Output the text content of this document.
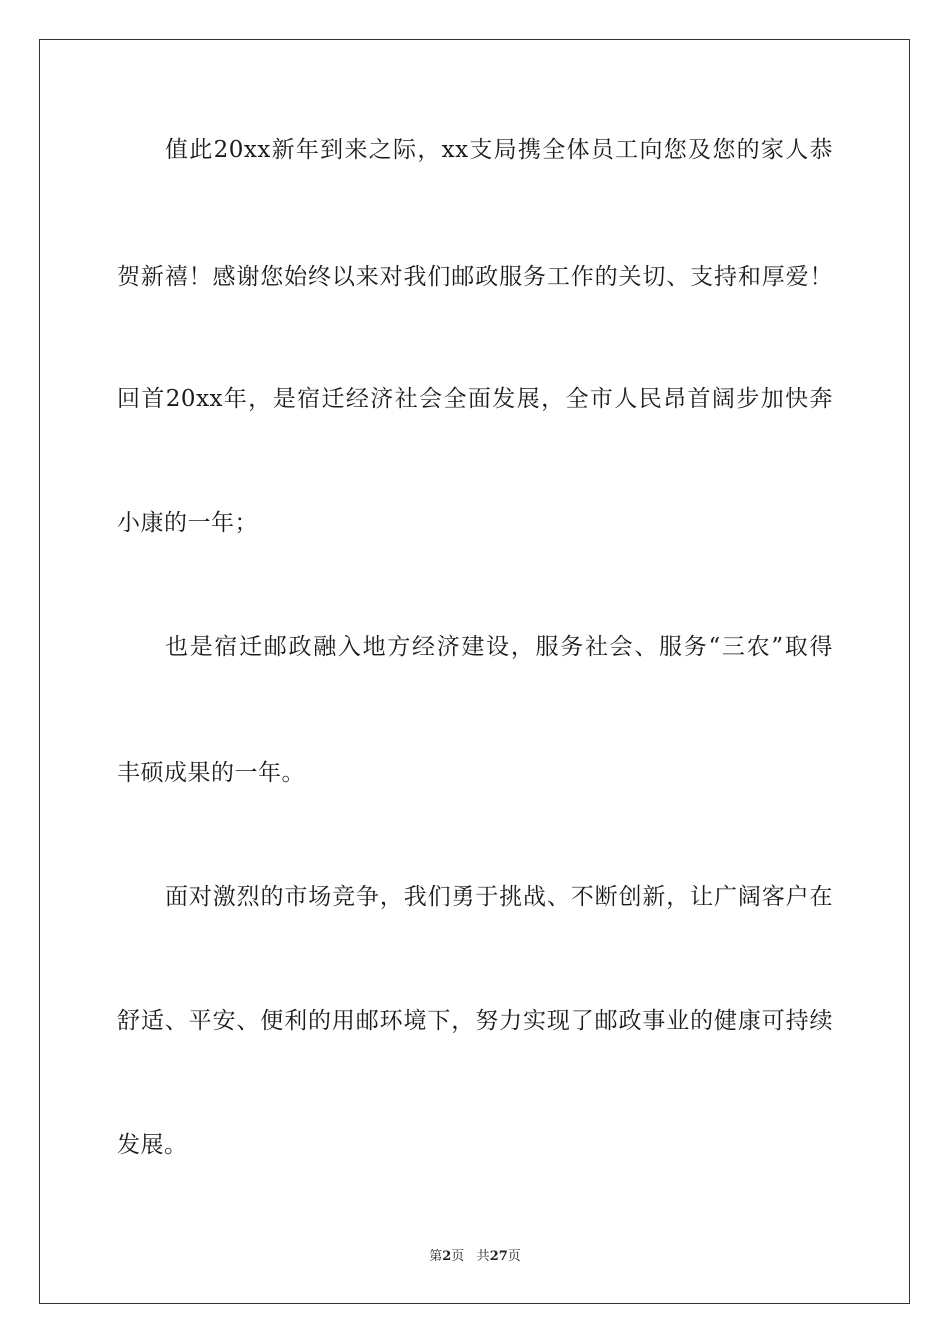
值此20xx新年到来之际，xx支局携全体员工向您及您的家人恭
贺新禧！感谢您始终以来对我们邮政服务工作的关切、支持和厚爱！
回首20xx年，是宿迁经济社会全面发展，全市人民昂首阔步加快奔
小康的一年；
也是宿迁邮政融入地方经济建设，服务社会、服务“三农”取得
丰硕成果的一年。
面对激烈的市场竞争，我们勇于挑战、不断创新，让广阔客户在
舒适、平安、便利的用邮环境下，努力实现了邮政事业的健康可持续
发展。
第2页 共27页
